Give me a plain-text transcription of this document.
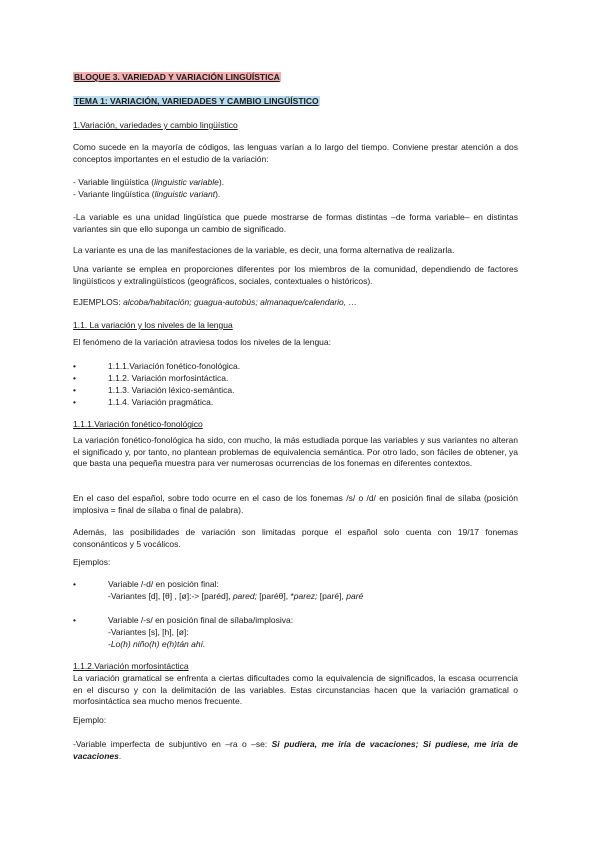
BLOQUE 3. VARIEDAD Y VARIACIÓN LINGÜÍSTICA
TEMA 1: VARIACIÓN, VARIEDADES Y CAMBIO LINGÜÍSTICO
1.Variación, variedades y cambio lingüístico
Como sucede en la mayoría de códigos, las lenguas varían a lo largo del tiempo. Conviene prestar atención a dos conceptos importantes en el estudio de la variación:
- Variable lingüística (linguistic variable).
- Variante lingüística (linguistic variant).
-La variable es una unidad lingüística que puede mostrarse de formas distintas –de forma variable– en distintas variantes sin que ello suponga un cambio de significado.
La variante es una de las manifestaciones de la variable, es decir, una forma alternativa de realizarla.
Una variante se emplea en proporciones diferentes por los miembros de la comunidad, dependiendo de factores lingüísticos y extralingüísticos (geográficos, sociales, contextuales o históricos).
EJEMPLOS: alcoba/habitación; guagua-autobús; almanaque/calendario, …
1.1. La variación y los niveles de la lengua
El fenómeno de la variación atraviesa todos los niveles de la lengua:
•	1.1.1.Variación fonético-fonológica.
•	1.1.2. Variación morfosintáctica.
•	1.1.3. Variación léxico-semántica.
•	1.1.4. Variación pragmática.
1.1.1.Variación fonético-fonológico
La variación fonético-fonológica ha sido, con mucho, la más estudiada porque las variables y sus variantes no alteran el significado y, por tanto, no plantean problemas de equivalencia semántica. Por otro lado, son fáciles de obtener, ya que basta una pequeña muestra para ver numerosas ocurrencias de los fonemas en diferentes contextos.
En el caso del español, sobre todo ocurre en el caso de los fonemas /s/ o /d/ en posición final de sílaba (posición implosiva = final de sílaba o final de palabra).
Además, las posibilidades de variación son limitadas porque el español solo cuenta con 19/17 fonemas consonánticos y 5 vocálicos.
Ejemplos:
•	Variable /-d/ en posición final:
-Variantes [d], [θ] , [ø]:-> [paréd], pared; [paréθ], *parez; [paré], paré
•	Variable /-s/ en posición final de sílaba/implosiva:
-Variantes [s], [h], [ø]:
-Lo(h) niño(h) e(h)tán ahí.
1.1.2.Variación morfosintáctica
La variación gramatical se enfrenta a ciertas dificultades como la equivalencia de significados, la escasa ocurrencia en el discurso y con la delimitación de las variables. Estas circunstancias hacen que la variación gramatical o morfosintáctica sea mucho menos frecuente.
Ejemplo:
-Variable imperfecta de subjuntivo en –ra o –se: Si pudiera, me iría de vacaciones; Si pudiese, me iría de vacaciones.
